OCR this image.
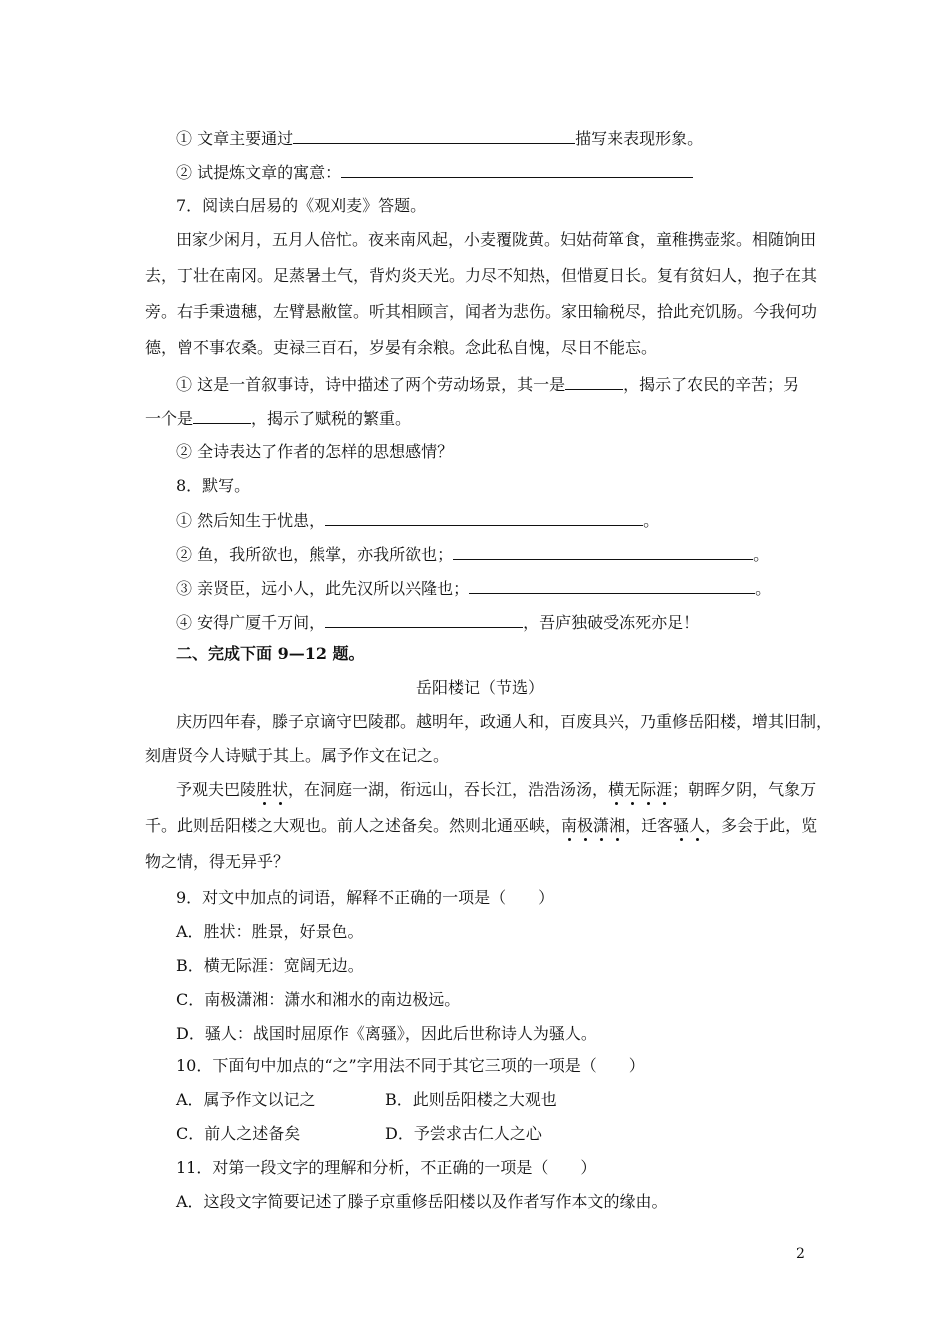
① 文章主要通过	描写来表现形象。
② 试提炼文章的寓意：
7．阅读白居易的《观刈麦》答题。
田家少闲月，五月人倍忙。夜来南风起，小麦覆陇黄。妇姑荷箪食，童稚携壶浆。相随饷田
去，丁壮在南冈。足蒸暑土气，背灼炎天光。力尽不知热，但惜夏日长。复有贫妇人，抱子在其
旁。右手秉遗穗，左臂悬敝筐。听其相顾言，闻者为悲伤。家田输税尽，拾此充饥肠。今我何功
德，曾不事农桑。吏禄三百石，岁晏有余粮。念此私自愧，尽日不能忘。
① 这是一首叙事诗，诗中描述了两个劳动场景，其一是	，揭示了农民的辛苦；另
一个是	，揭示了赋税的繁重。
② 全诗表达了作者的怎样的思想感情？
8．默写。
① 然后知生于忧患，	。
② 鱼，我所欲也，熊掌，亦我所欲也；	。
③ 亲贤臣，远小人，此先汉所以兴隆也；	。
④ 安得广厦千万间，	，吾庐独破受冻死亦足！
二、完成下面 9—12 题。
岳阳楼记（节选）
庆历四年春，滕子京谪守巴陵郡。越明年，政通人和，百废具兴，乃重修岳阳楼，增其旧制，
刻唐贤今人诗赋于其上。属予作文在记之。
予观夫巴陵胜状，在洞庭一湖，衔远山，吞长江，浩浩汤汤，横无际涯；朝晖夕阴，气象万
千。此则岳阳楼之大观也。前人之述备矣。然则北通巫峡，南极潇湘，迁客骚人，多会于此，览
物之情，得无异乎？
9．对文中加点的词语，解释不正确的一项是（　　）
A．胜状：胜景，好景色。
B．横无际涯：宽阔无边。
C．南极潇湘：潇水和湘水的南边极远。
D．骚人：战国时屈原作《离骚》，因此后世称诗人为骚人。
10．下面句中加点的“之”字用法不同于其它三项的一项是（　　）
A．属予作文以记之	B．此则岳阳楼之大观也
C．前人之述备矣	D．予尝求古仁人之心
11．对第一段文字的理解和分析，不正确的一项是（　　）
A．这段文字简要记述了滕子京重修岳阳楼以及作者写作本文的缘由。
2
